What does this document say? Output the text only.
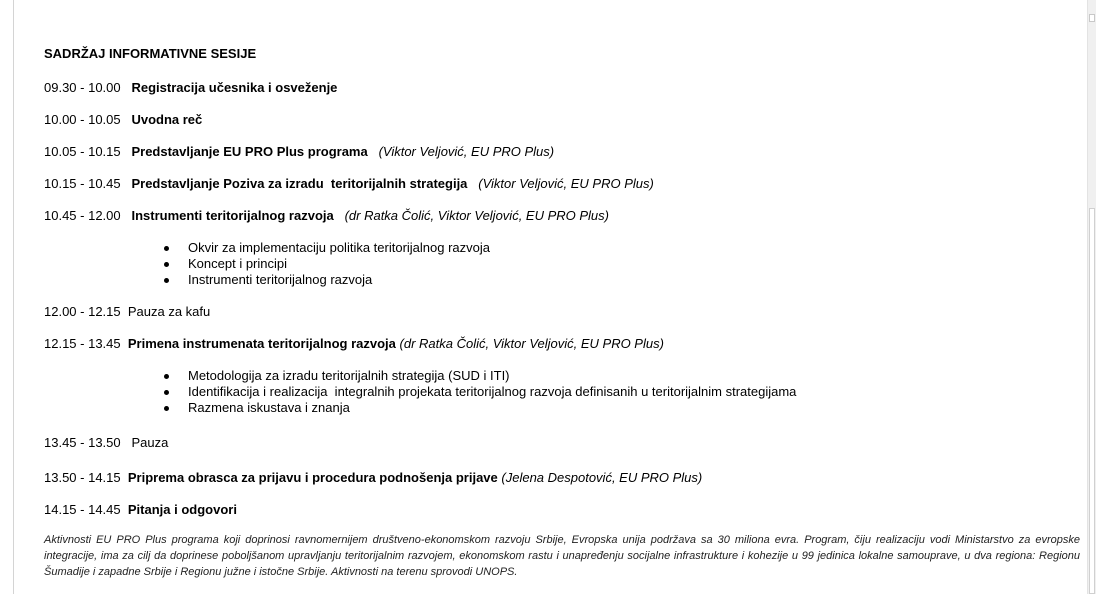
SADRŽAJ INFORMATIVNE SESIJE
09.30 - 10.00 Registracija učesnika i osveženje
10.00 - 10.05 Uvodna reč
10.05 - 10.15 Predstavljanje EU PRO Plus programa (Viktor Veljović, EU PRO Plus)
10.15 - 10.45 Predstavljanje Poziva za izradu  teritorijalnih strategija (Viktor Veljović, EU PRO Plus)
10.45 - 12.00 Instrumenti teritorijalnog razvoja (dr Ratka Čolić, Viktor Veljović, EU PRO Plus)
Okvir za implementaciju politika teritorijalnog razvoja
Koncept i principi
Instrumenti teritorijalnog razvoja
12.00 - 12.15 Pauza za kafu
12.15 - 13.45 Primena instrumenata teritorijalnog razvoja (dr Ratka Čolić, Viktor Veljović, EU PRO Plus)
Metodologija za izradu teritorijalnih strategija (SUD i ITI)
Identifikacija i realizacija  integralnih projekata teritorijalnog razvoja definisanih u teritorijalnim strategijama
Razmena iskustava i znanja
13.45 - 13.50 Pauza
13.50 - 14.15 Priprema obrasca za prijavu i procedura podnošenja prijave (Jelena Despotović, EU PRO Plus)
14.15 - 14.45 Pitanja i odgovori
Aktivnosti EU PRO Plus programa koji doprinosi ravnomernijem društveno-ekonomskom razvoju Srbije, Evropska unija podržava sa 30 miliona evra. Program, čiju realizaciju vodi Ministarstvo za evropske integracije, ima za cilj da doprinese poboljšanom upravljanju teritorijalnim razvojem, ekonomskom rastu i unapređenju socijalne infrastrukture i kohezije u 99 jedinica lokalne samouprave, u dva regiona: Regionu Šumadije i zapadne Srbije i Regionu južne i istočne Srbije. Aktivnosti na terenu sprovodi UNOPS.
